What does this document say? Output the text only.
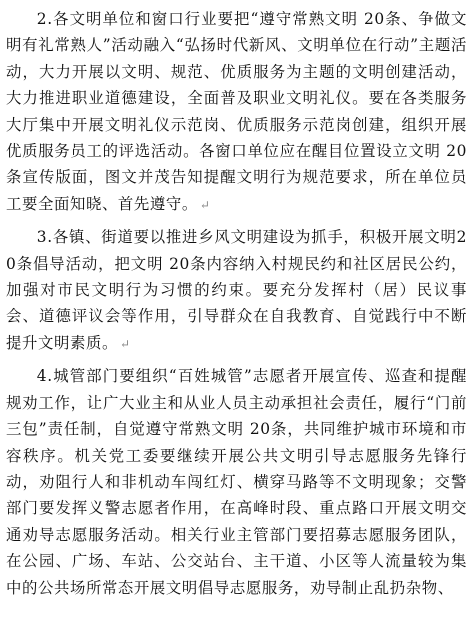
2.各文明单位和窗口行业要把“遵守常熟文明 20条、争做文明有礼常熟人”活动融入“弘扬时代新风、文明单位在行动”主题活动，大力开展以文明、规范、优质服务为主题的文明创建活动，大力推进职业道德建设，全面普及职业文明礼仪。要在各类服务大厅集中开展文明礼仪示范岗、优质服务示范岗创建，组织开展优质服务员工的评选活动。各窗口单位应在醒目位置设立文明 20 条宣传版面，图文并茂告知提醒文明行为规范要求，所在单位员工要全面知晓、首先遵守。 ↵

3.各镇、街道要以推进乡风文明建设为抓手，积极开展文明20条倡导活动，把文明 20条内容纳入村规民约和社区居民公约，加强对市民文明行为习惯的约束。要充分发挥村（居）民议事会、道德评议会等作用，引导群众在自我教育、自觉践行中不断提升文明素质。 ↵

4.城管部门要组织“百姓城管”志愿者开展宣传、巡查和提醒规劝工作，让广大业主和从业人员主动承担社会责任，履行“门前三包”责任制，自觉遵守常熟文明 20条，共同维护城市环境和市容秩序。机关党工委要继续开展公共文明引导志愿服务先锋行动，劝阻行人和非机动车闯红灯、横穿马路等不文明现象；交警部门要发挥义警志愿者作用，在高峰时段、重点路口开展文明交通劝导志愿服务活动。相关行业主管部门要招募志愿服务团队，在公园、广场、车站、公交站台、主干道、小区等人流量较为集中的公共场所常态开展文明倡导志愿服务，劝导制止乱扔杂物、
